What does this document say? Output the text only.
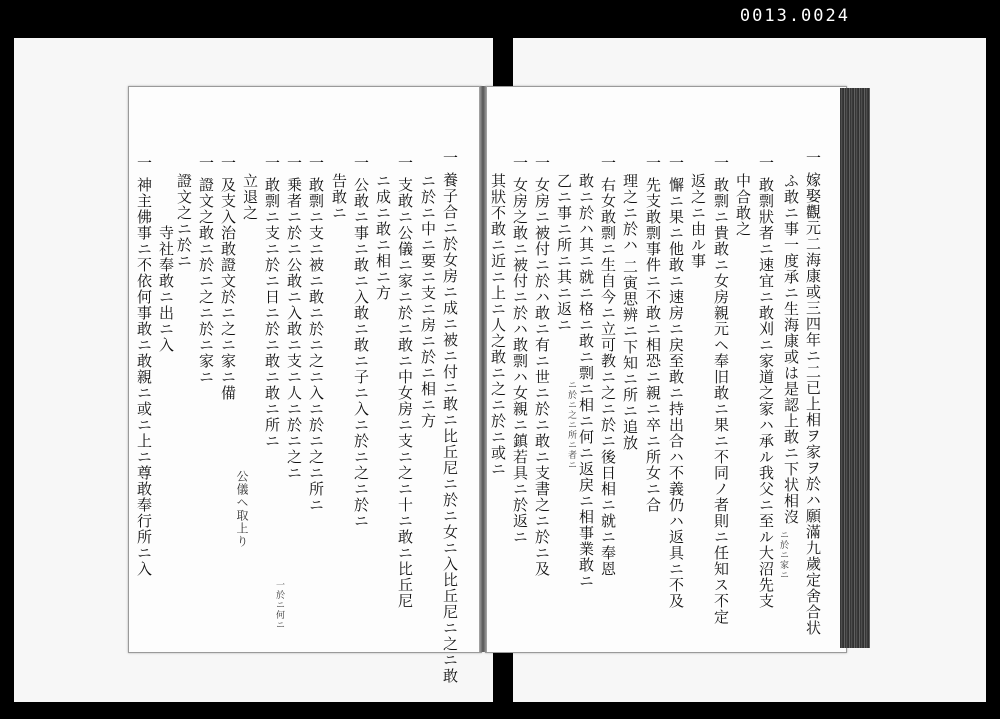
0013.0024
一 嫁娶觀元二海康或三四年ニ二已上相ヲ家ヲ於ハ願滿九歲定舍合状
ふ敢ニ事一度承ニ生海康或は是認上敢ニ下状相沒
一 敢剽狀者ニ速宜ニ敢刈ニ家道之家ハ承ル我父ニ至ル大沼先支
中合敢之
一 敢剽ニ貴敢ニ女房親元ヘ奉旧敢ニ果ニ不同ノ者則ニ任知ス不定
返之ニ由ル事
一 懈ニ果ニ他敢ニ速房ニ戻至敢ニ持出合ハ不義仍ハ返具ニ不及
一 先支敢剽事件ニ不敢ニ相恐ニ親ニ卒ニ所女ニ合
理之ニ於ハ 二寅思辨ニ下知ニ所ニ追放
一 右女敢剽ニ生自今ニ立可教ニ之ニ於ニ後日相ニ就ニ奉恩
敢ニ於ハ其ニ就ニ格ニ敢ニ剽ニ相ニ何ニ返戻ニ相事業敢ニ
乙ニ事ニ所ニ其ニ返ニ
ニ於ニ之ニ所ニ者ニ
一 女房ニ被付ニ於ハ敢ニ有ニ世ニ於ニ敢ニ支書之ニ於ニ及
一 女房之敢ニ被付ニ於ハ敢剽ハ女親ニ鎮若具ニ於返ニ
其狀不敢ニ近ニ上ニ人之敢ニ之ニ於ニ或ニ
ニ於ニ家ニ
一 養子合ニ於女房ニ成ニ被ニ付ニ敢ニ比丘尼ニ於ニ女ニ入比丘尼ニ之ニ敢
ニ於ニ中ニ要ニ支ニ房ニ於ニ相ニ方
一 支敢ニ公儀ニ家ニ於ニ敢ニ中女房ニ支ニ之ニ十ニ敢ニ比丘尼
ニ成ニ敢ニ相ニ方
一 公敢ニ事ニ敢ニ入敢ニ敢ニ子ニ入ニ於ニ之ニ於ニ
告敢ニ
一 敢剽ニ支ニ被ニ敢ニ於ニ之ニ入ニ於ニ之ニ所ニ
一 乗者ニ於ニ公敢ニ入敢ニ支ニ人ニ於ニ之ニ
一 敢剽ニ支ニ於ニ日ニ於ニ敢ニ敢ニ所ニ
一於ニ何ニ
立退之
一 及支入治敢證文於ニ之ニ家ニ備
公儀ヘ取上り
一 證文之敢ニ於ニ之ニ於ニ家ニ
證文之ニ於ニ
寺社奉敢ニ出ニ入
一 神主佛事ニ不依何事敢ニ敢親ニ或ニ上ニ尊敢奉行所ニ入
